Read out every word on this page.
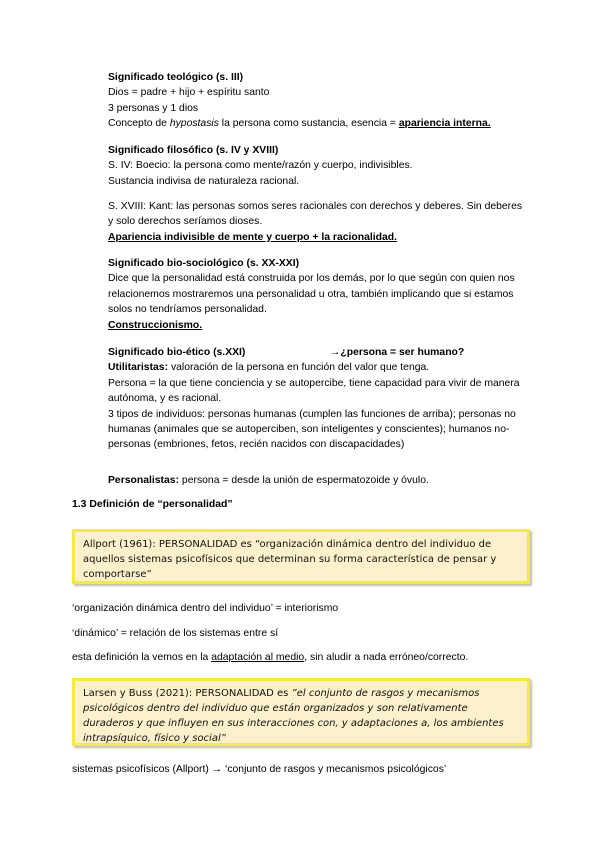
Significado teológico (s. III)
Dios = padre + hijo + espíritu santo
3 personas y 1 dios
Concepto de hypostasis la persona como sustancia, esencia = apariencia interna.
Significado filosófico (s. IV y XVIII)
S. IV: Boecio: la persona como mente/razón y cuerpo, indivisibles.
Sustancia indivisa de naturaleza racional.
S. XVIII: Kant: las personas somos seres racionales con derechos y deberes. Sin deberes y solo derechos seríamos dioses.
Apariencia indivisible de mente y cuerpo + la racionalidad.
Significado bio-sociológico (s. XX-XXI)
Dice que la personalidad está construida por los demás, por lo que según con quien nos relacionemos mostraremos una personalidad u otra, también implicando que si estamos solos no tendríamos personalidad.
Construccionismo.
Significado bio-ético (s.XXI)	→¿persona = ser humano?
Utilitaristas: valoración de la persona en función del valor que tenga.
Persona = la que tiene conciencia y se autopercibe, tiene capacidad para vivir de manera autónoma, y es racional.
3 tipos de individuos: personas humanas (cumplen las funciones de arriba); personas no humanas (animales que se autoperciben, son inteligentes y conscientes); humanos no-personas (embriones, fetos, recién nacidos con discapacidades)
Personalistas: persona = desde la unión de espermatozoide y óvulo.
1.3 Definición de “personalidad”
Allport (1961): PERSONALIDAD es “organización dinámica dentro del individuo de aquellos sistemas psicofísicos que determinan su forma característica de pensar y comportarse”
‘organización dinámica dentro del individuo’ = interiorismo
‘dinámico’ = relación de los sistemas entre sí
esta definición la vemos en la adaptación al medio, sin aludir a nada erróneo/correcto.
Larsen y Buss (2021): PERSONALIDAD es ”el conjunto de rasgos y mecanismos psicológicos dentro del individuo que están organizados y son relativamente duraderos y que influyen en sus interacciones con, y adaptaciones a, los ambientes intrapsíquico, físico y social”
sistemas psicofísicos (Allport) → ‘conjunto de rasgos y mecanismos psicológicos’
